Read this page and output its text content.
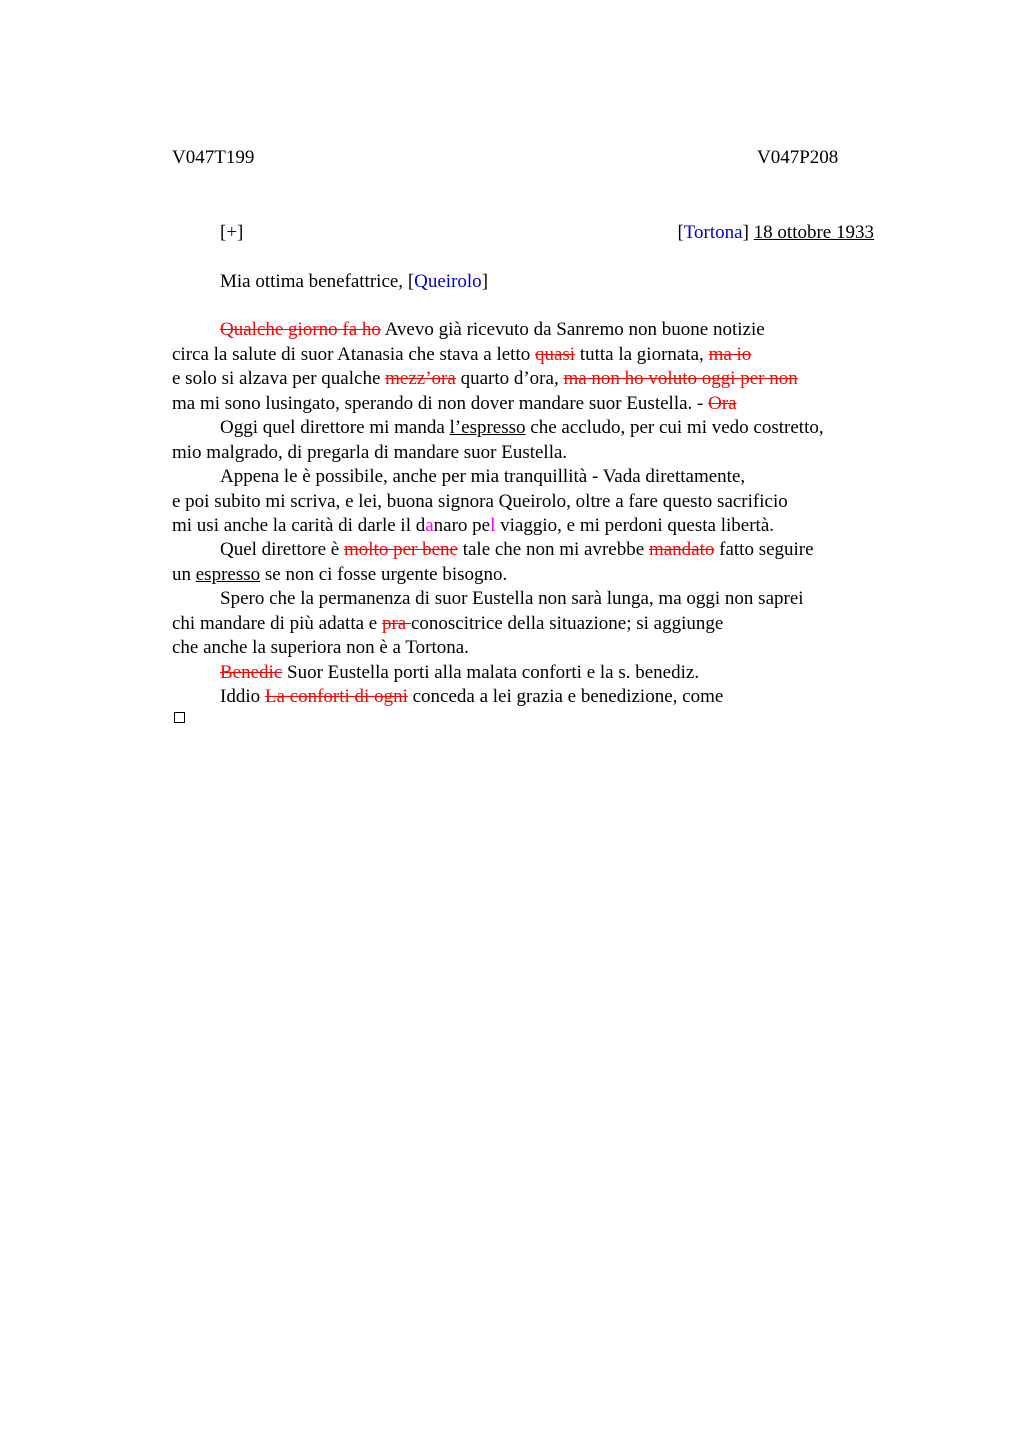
V047T199	V047P208
[+]	[Tortona] 18 ottobre 1933
Mia ottima benefattrice, [Queirolo]
Qualche giorno fa ho Avevo già ricevuto da Sanremo non buone notizie
circa la salute di suor Atanasia che stava a letto quasi tutta la giornata, ma io
e solo si alzava per qualche mezz’ora quarto d’ora, ma non ho voluto oggi per non
ma mi sono lusingato, sperando di non dover mandare suor Eustella. - Ora
Oggi quel direttore mi manda l’espresso che accludo, per cui mi vedo costretto,
mio malgrado, di pregarla di mandare suor Eustella.
Appena le è possibile, anche per mia tranquillità - Vada direttamente,
e poi subito mi scriva, e lei, buona signora Queirolo, oltre a fare questo sacrificio
mi usi anche la carità di darle il danaro pel viaggio, e mi perdoni questa libertà.
Quel direttore è molto per bene tale che non mi avrebbe mandato fatto seguire
un espresso se non ci fosse urgente bisogno.
Spero che la permanenza di suor Eustella non sarà lunga, ma oggi non saprei
chi mandare di più adatta e pra conoscitrice della situazione; si aggiunge
che anche la superiora non è a Tortona.
Benedic Suor Eustella porti alla malata conforti e la s. benediz.
Iddio La conforti di ogni conceda a lei grazia e benedizione, come
